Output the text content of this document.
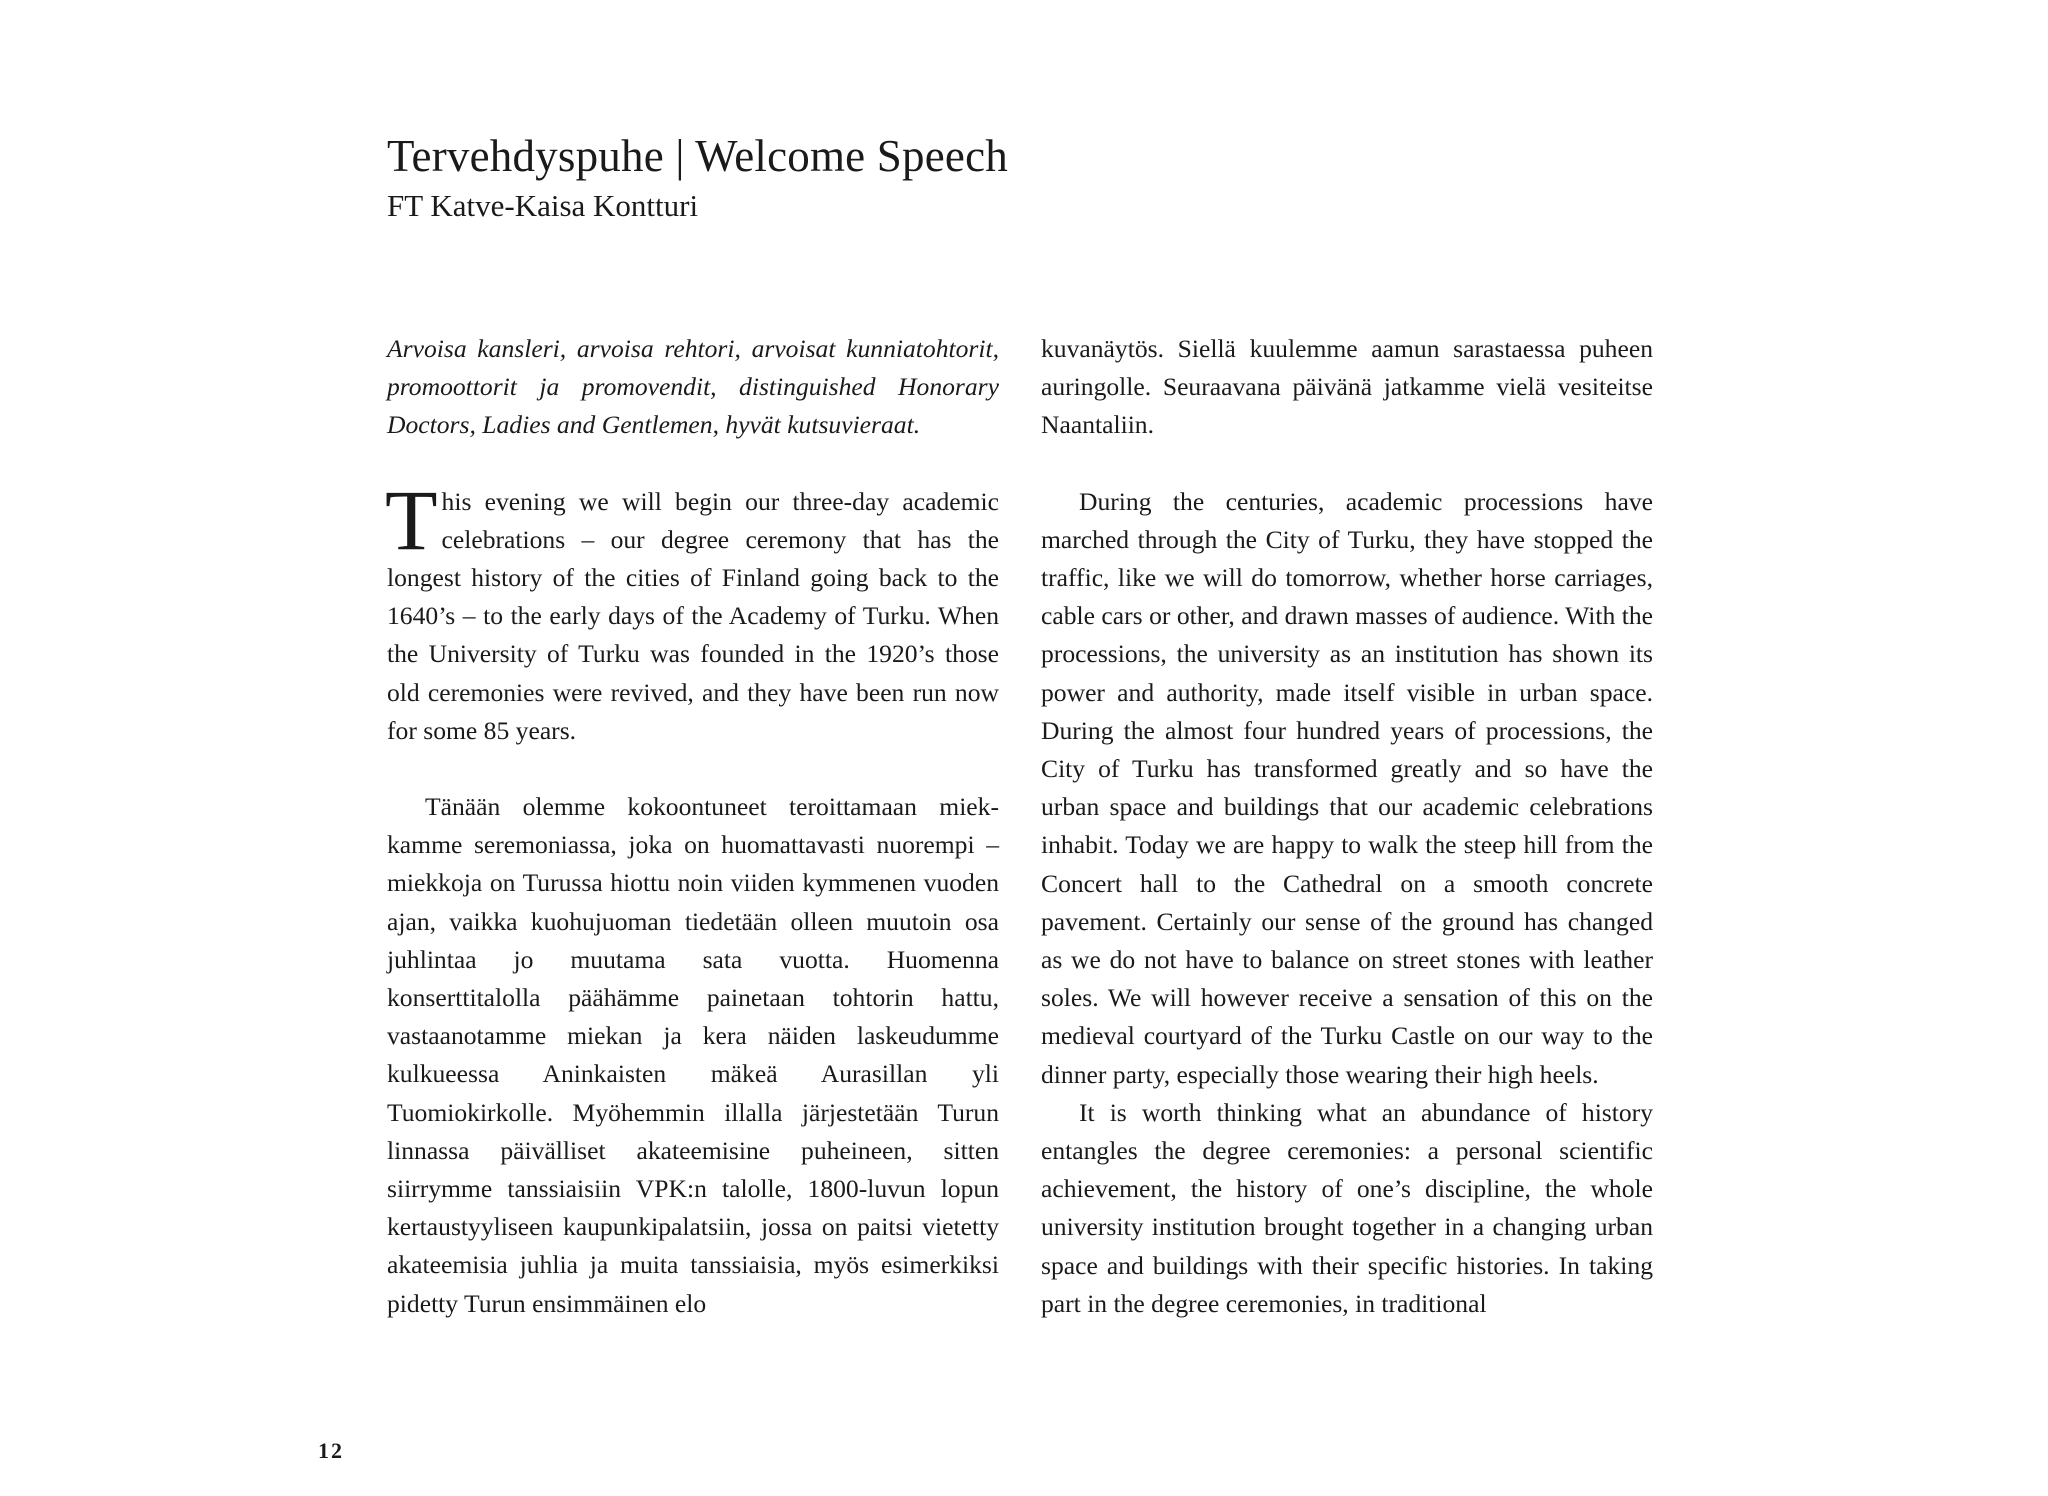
Tervehdyspuhe | Welcome Speech

FT Katve-Kaisa Kontturi

Arvoisa kansleri, arvoisa rehtori, arvoisat kunniatohtorit, promoottorit ja promovendit, distinguished Honorary Doctors, Ladies and Gentlemen, hyvät kutsuvieraat.

This evening we will begin our three-day academic celebrations – our degree ceremony that has the longest history of the cities of Finland going back to the 1640’s – to the early days of the Academy of Turku. When the University of Turku was founded in the 1920’s those old ceremonies were revived, and they have been run now for some 85 years.

Tänään olemme kokoontuneet teroittamaan miekkamme seremoniassa, joka on huomattavasti nuorempi – miekkoja on Turussa hiottu noin viiden kymmenen vuoden ajan, vaikka kuohujuoman tiedetään olleen muutoin osa juhlintaa jo muutama sata vuotta. Huomenna konserttitalolla päähämme painetaan tohtorin hattu, vastaanotamme miekan ja kera näiden laskeudumme kulkueessa Aninkaisten mäkeä Aurasillan yli Tuomiokirkolle. Myöhemmin illalla järjestetään Turun linnassa päivälliset akateemisine puheineen, sitten siirrymme tanssiaisiin VPK:n talolle, 1800-luvun lopun kertaustyyliseen kaupunkipalatsiin, jossa on paitsi vietetty akateemisia juhlia ja muita tanssiaisia, myös esimerkiksi pidetty Turun ensimmäinen elo

kuvanäytös. Siellä kuulemme aamun sarastaessa puheen auringolle. Seuraavana päivänä jatkamme vielä vesiteitse Naantaliin.

During the centuries, academic processions have marched through the City of Turku, they have stopped the traffic, like we will do tomorrow, whether horse carriages, cable cars or other, and drawn masses of audience. With the processions, the university as an institution has shown its power and authority, made itself visible in urban space. During the almost four hundred years of processions, the City of Turku has transformed greatly and so have the urban space and buildings that our academic celebrations inhabit. Today we are happy to walk the steep hill from the Concert hall to the Cathedral on a smooth concrete pavement. Certainly our sense of the ground has changed as we do not have to balance on street stones with leather soles. We will however receive a sensation of this on the medieval courtyard of the Turku Castle on our way to the dinner party, especially those wearing their high heels.

It is worth thinking what an abundance of history entangles the degree ceremonies: a personal scientific achievement, the history of one’s discipline, the whole university institution brought together in a changing urban space and buildings with their specific histories. In taking part in the degree ceremonies, in traditional

12
